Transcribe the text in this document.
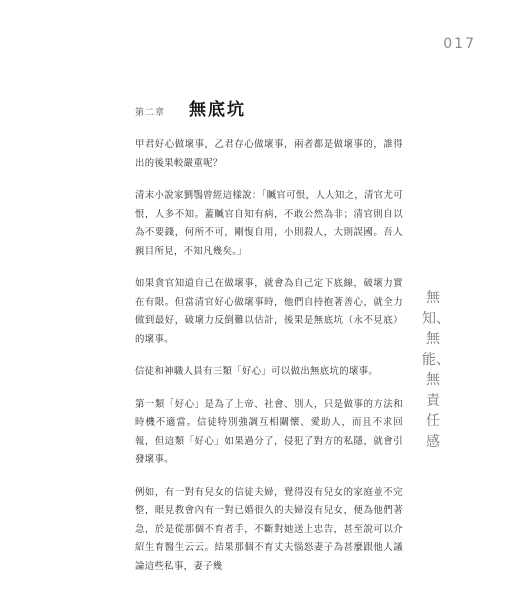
017
第二章 無底坑

甲君好心做壞事，乙君存心做壞事，兩者都是做壞事的，誰得出的後果較嚴重呢？

清末小說家劉鶚曾經這樣說：「贓官可恨，人人知之，清官尤可恨，人多不知。蓋贓官自知有病，不敢公然為非；清官則自以為不要錢，何所不可，剛愎自用，小則殺人，大則誤國。吾人親目所見，不知凡幾矣。」

如果貪官知道自己在做壞事，就會為自己定下底線，破壞力實在有限。但當清官好心做壞事時，他們自持抱著善心，就全力做到最好，破壞力反倒難以估計，後果是無底坑（永不見底）的壞事。

信徒和神職人員有三類「好心」可以做出無底坑的壞事。

第一類「好心」是為了上帝、社會、別人，只是做事的方法和時機不適當。信徒特別強調互相關懷、愛助人，而且不求回報，但這類「好心」如果過分了，侵犯了對方的私隱，就會引發壞事。

例如，有一對有兒女的信徒夫婦，覺得沒有兒女的家庭並不完整，眼見教會內有一對已婚很久的夫婦沒有兒女，便為他們著急，於是從那個不育者手，不斷對她送上忠告，甚至說可以介紹生育醫生云云。結果那個不育丈夫惱怒妻子為甚麼跟他人議論這些私事，妻子幾

無知、無能、無責任感
